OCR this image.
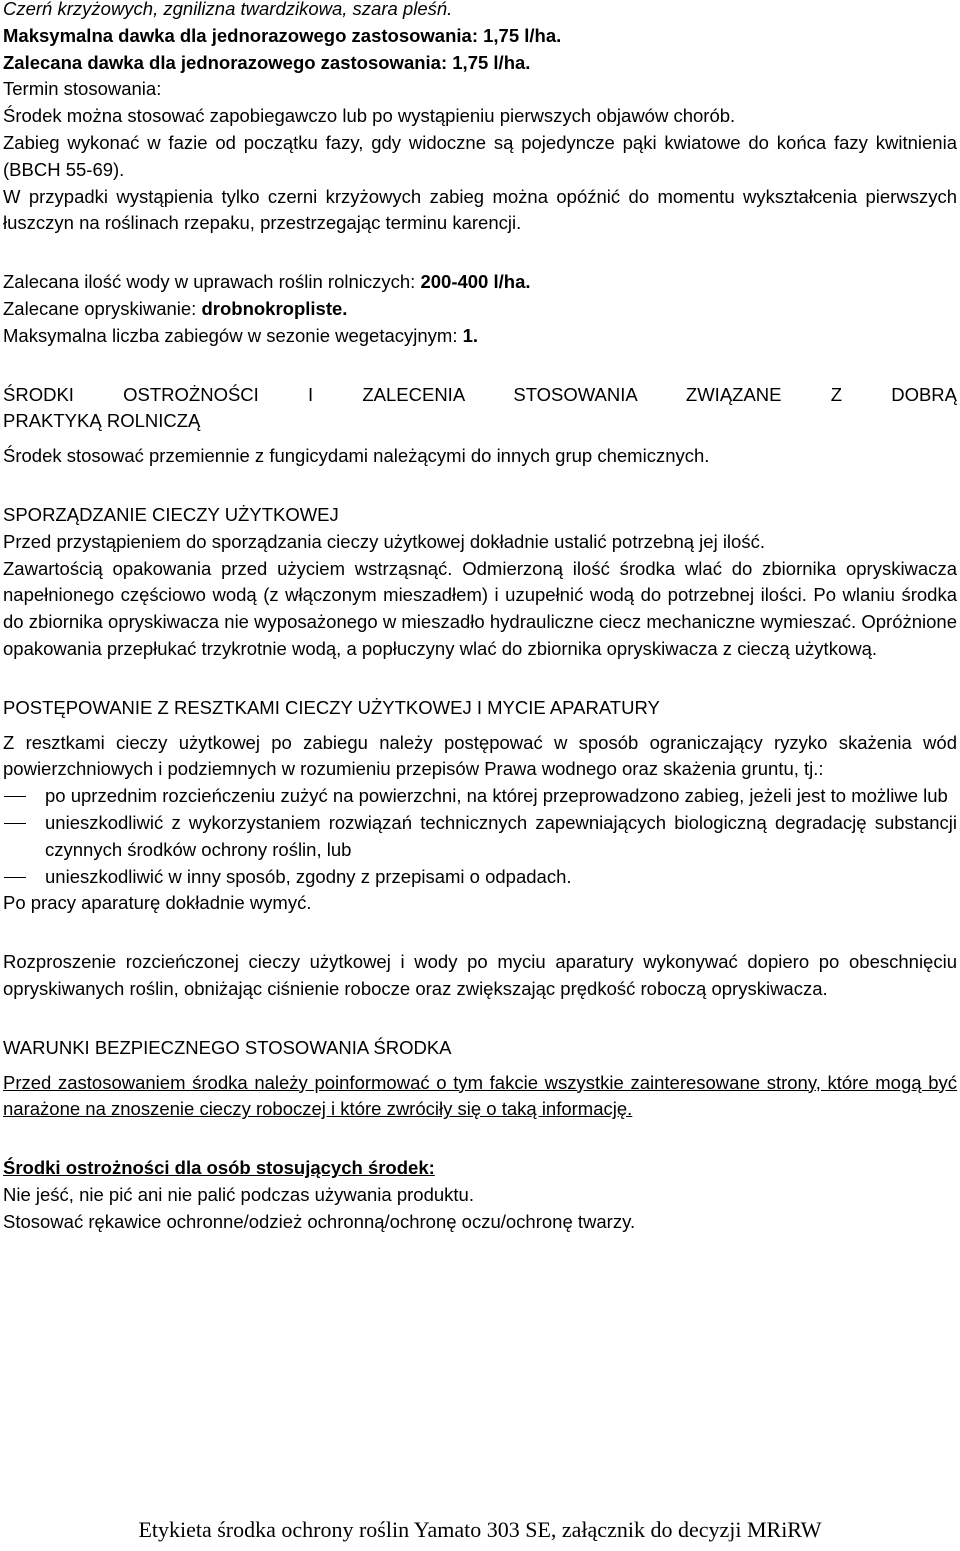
Czerń krzyżowych, zgnilizna twardzikowa, szara pleśń.

Maksymalna dawka dla jednorazowego zastosowania: 1,75 l/ha.

Zalecana dawka dla jednorazowego zastosowania: 1,75 l/ha.

Termin stosowania:

Środek można stosować zapobiegawczo lub po wystąpieniu pierwszych objawów chorób.

Zabieg wykonać w fazie od początku fazy, gdy widoczne są pojedyncze pąki kwiatowe do końca fazy kwitnienia (BBCH 55-69).

W przypadki wystąpienia tylko czerni krzyżowych zabieg można opóźnić do momentu wykształcenia pierwszych łuszczyn na roślinach rzepaku, przestrzegając terminu karencji.

Zalecana ilość wody w uprawach roślin rolniczych: 200-400 l/ha.

Zalecane opryskiwanie: drobnokropliste.

Maksymalna liczba zabiegów w sezonie wegetacyjnym: 1.

ŚRODKI OSTROŻNOŚCI I ZALECENIA STOSOWANIA ZWIĄZANE Z DOBRĄ

PRAKTYKĄ ROLNICZĄ

Środek stosować przemiennie z fungicydami należącymi do innych grup chemicznych.

SPORZĄDZANIE CIECZY UŻYTKOWEJ

Przed przystąpieniem do sporządzania cieczy użytkowej dokładnie ustalić potrzebną jej ilość.

Zawartością opakowania przed użyciem wstrząsnąć. Odmierzoną ilość środka wlać do zbiornika opryskiwacza napełnionego częściowo wodą (z włączonym mieszadłem) i uzupełnić wodą do potrzebnej ilości. Po wlaniu środka do zbiornika opryskiwacza nie wyposażonego w mieszadło hydrauliczne ciecz mechaniczne wymieszać. Opróżnione opakowania przepłukać trzykrotnie wodą, a popłuczyny wlać do zbiornika opryskiwacza z cieczą użytkową.

POSTĘPOWANIE Z RESZTKAMI CIECZY UŻYTKOWEJ I MYCIE APARATURY

Z resztkami cieczy użytkowej po zabiegu należy postępować w sposób ograniczający ryzyko skażenia wód powierzchniowych i podziemnych w rozumieniu przepisów Prawa wodnego oraz skażenia gruntu, tj.:

po uprzednim rozcieńczeniu zużyć na powierzchni, na której przeprowadzono zabieg, jeżeli jest to możliwe lub
unieszkodliwić z wykorzystaniem rozwiązań technicznych zapewniających biologiczną degradację substancji czynnych środków ochrony roślin, lub
unieszkodliwić w inny sposób, zgodny z przepisami o odpadach.

Po pracy aparaturę dokładnie wymyć.

Rozproszenie rozcieńczonej cieczy użytkowej i wody po myciu aparatury wykonywać dopiero po obeschnięciu opryskiwanych roślin, obniżając ciśnienie robocze oraz zwiększając prędkość roboczą opryskiwacza.

WARUNKI BEZPIECZNEGO STOSOWANIA ŚRODKA

Przed zastosowaniem środka należy poinformować o tym fakcie wszystkie zainteresowane strony, które mogą być narażone na znoszenie cieczy roboczej i które zwróciły się o taką informację.

Środki ostrożności dla osób stosujących środek:

Nie jeść, nie pić ani nie palić podczas używania produktu.

Stosować rękawice ochronne/odzież ochronną/ochronę oczu/ochronę twarzy.

Etykieta środka ochrony roślin Yamato 303 SE, załącznik do decyzji MRiRW
